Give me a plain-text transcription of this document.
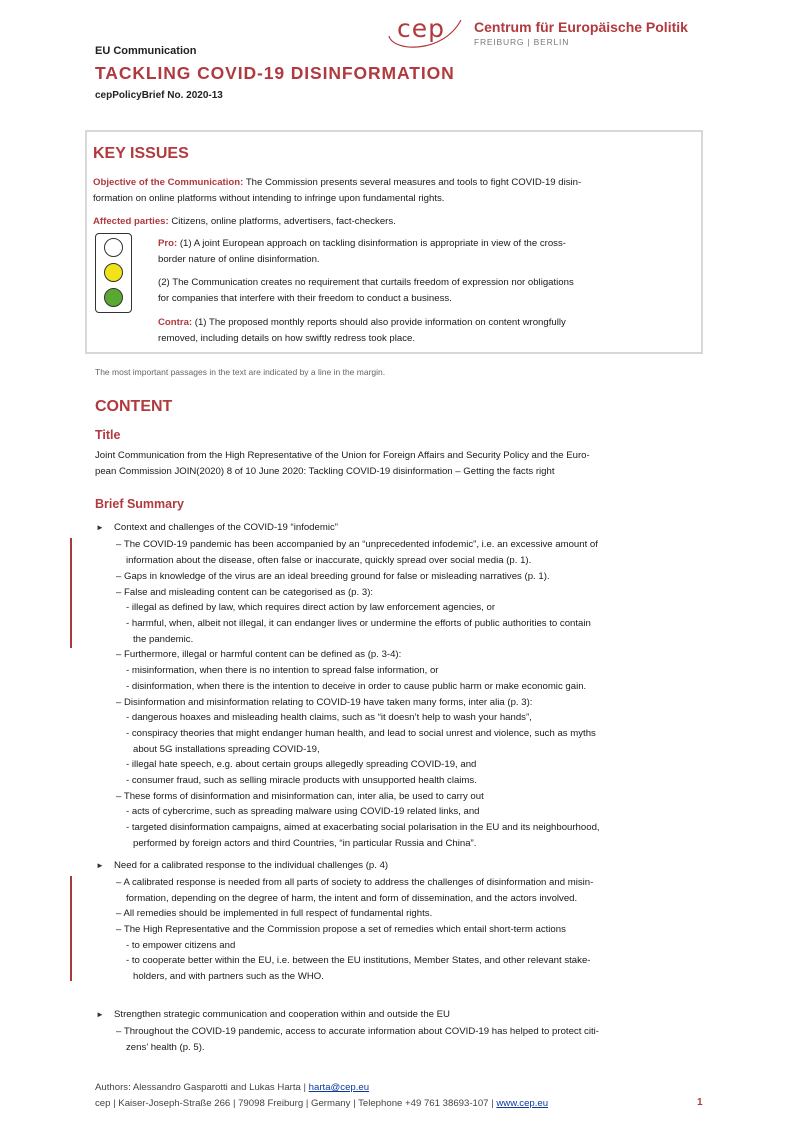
cep Centrum für Europäische Politik
FREIBURG | BERLIN
EU Communication
TACKLING COVID-19 DISINFORMATION
cepPolicyBrief No. 2020-13
KEY ISSUES
Objective of the Communication: The Commission presents several measures and tools to fight COVID-19 disin-
formation on online platforms without intending to infringe upon fundamental rights.
Affected parties: Citizens, online platforms, advertisers, fact-checkers.
Pro: (1) A joint European approach on tackling disinformation is appropriate in view of the cross-
border nature of online disinformation.
(2) The Communication creates no requirement that curtails freedom of expression nor obligations
for companies that interfere with their freedom to conduct a business.
Contra: (1) The proposed monthly reports should also provide information on content wrongfully
removed, including details on how swiftly redress took place.
The most important passages in the text are indicated by a line in the margin.
CONTENT
Title
Joint Communication from the High Representative of the Union for Foreign Affairs and Security Policy and the Euro-
pean Commission JOIN(2020) 8 of 10 June 2020: Tackling COVID-19 disinformation – Getting the facts right
Brief Summary
► Context and challenges of the COVID-19 “infodemic”
– The COVID-19 pandemic has been accompanied by an “unprecedented infodemic”, i.e. an excessive amount of
information about the disease, often false or inaccurate, quickly spread over social media (p. 1).
– Gaps in knowledge of the virus are an ideal breeding ground for false or misleading narratives (p. 1).
– False and misleading content can be categorised as (p. 3):
- illegal as defined by law, which requires direct action by law enforcement agencies, or
- harmful, when, albeit not illegal, it can endanger lives or undermine the efforts of public authorities to contain
the pandemic.
– Furthermore, illegal or harmful content can be defined as (p. 3-4):
- misinformation, when there is no intention to spread false information, or
- disinformation, when there is the intention to deceive in order to cause public harm or make economic gain.
– Disinformation and misinformation relating to COVID-19 have taken many forms, inter alia (p. 3):
- dangerous hoaxes and misleading health claims, such as “it doesn’t help to wash your hands”,
- conspiracy theories that might endanger human health, and lead to social unrest and violence, such as myths
about 5G installations spreading COVID-19,
- illegal hate speech, e.g. about certain groups allegedly spreading COVID-19, and
- consumer fraud, such as selling miracle products with unsupported health claims.
– These forms of disinformation and misinformation can, inter alia, be used to carry out
- acts of cybercrime, such as spreading malware using COVID-19 related links, and
- targeted disinformation campaigns, aimed at exacerbating social polarisation in the EU and its neighbourhood,
performed by foreign actors and third Countries, “in particular Russia and China”.
► Need for a calibrated response to the individual challenges (p. 4)
– A calibrated response is needed from all parts of society to address the challenges of disinformation and misin-
formation, depending on the degree of harm, the intent and form of dissemination, and the actors involved.
– All remedies should be implemented in full respect of fundamental rights.
– The High Representative and the Commission propose a set of remedies which entail short-term actions
- to empower citizens and
- to cooperate better within the EU, i.e. between the EU institutions, Member States, and other relevant stake-
holders, and with partners such as the WHO.
► Strengthen strategic communication and cooperation within and outside the EU
– Throughout the COVID-19 pandemic, access to accurate information about COVID-19 has helped to protect citi-
zens’ health (p. 5).
Authors: Alessandro Gasparotti and Lukas Harta | harta@cep.eu
cep | Kaiser-Joseph-Straße 266 | 79098 Freiburg | Germany | Telephone +49 761 38693-107 | www.cep.eu	1
